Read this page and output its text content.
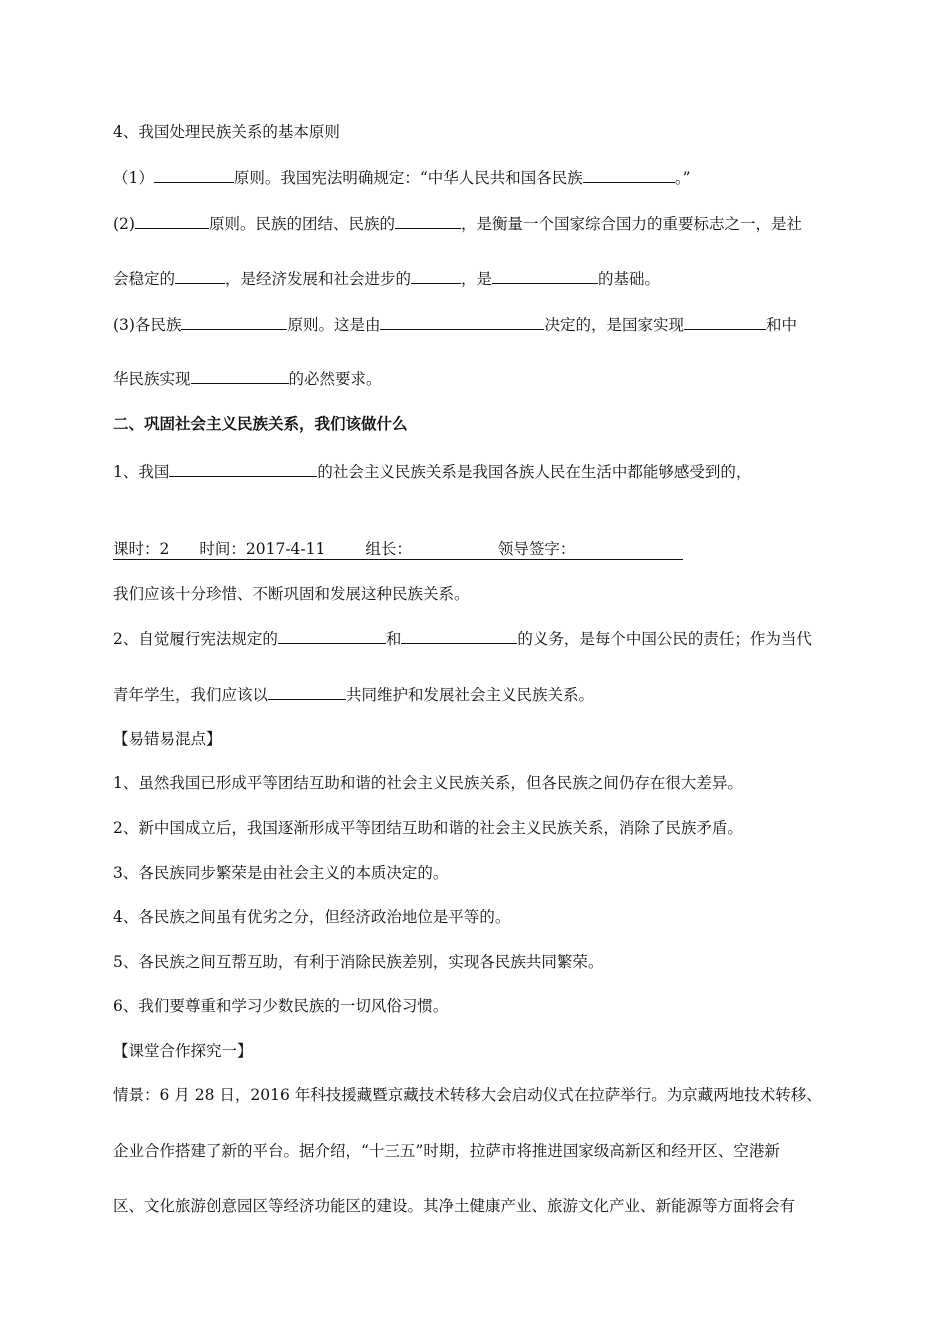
4、我国处理民族关系的基本原则
（1）	原则。我国宪法明确规定：“中华人民共和国各民族	。”
(2)	原则。民族的团结、民族的	，是衡量一个国家综合国力的重要标志之一，是社
会稳定的	，是经济发展和社会进步的	，是	的基础。
(3)各民族	原则。这是由	决定的，是国家实现	和中
华民族实现	的必然要求。
二、巩固社会主义民族关系，我们该做什么
1、我国	的社会主义民族关系是我国各族人民在生活中都能够感受到的，
课时：2 时间：2017-4-11	组长：	领导签字：
我们应该十分珍惜、不断巩固和发展这种民族关系。
2、自觉履行宪法规定的	和	的义务，是每个中国公民的责任；作为当代
青年学生，我们应该以	共同维护和发展社会主义民族关系。
【易错易混点】
1、虽然我国已形成平等团结互助和谐的社会主义民族关系，但各民族之间仍存在很大差异。
2、新中国成立后，我国逐渐形成平等团结互助和谐的社会主义民族关系，消除了民族矛盾。
3、各民族同步繁荣是由社会主义的本质决定的。
4、各民族之间虽有优劣之分，但经济政治地位是平等的。
5、各民族之间互帮互助，有利于消除民族差别，实现各民族共同繁荣。
6、我们要尊重和学习少数民族的一切风俗习惯。
【课堂合作探究一】
情景：6 月 28 日，2016 年科技援藏暨京藏技术转移大会启动仪式在拉萨举行。为京藏两地技术转移、
企业合作搭建了新的平台。据介绍，“十三五”时期，拉萨市将推进国家级高新区和经开区、空港新
区、文化旅游创意园区等经济功能区的建设。其净土健康产业、旅游文化产业、新能源等方面将会有
